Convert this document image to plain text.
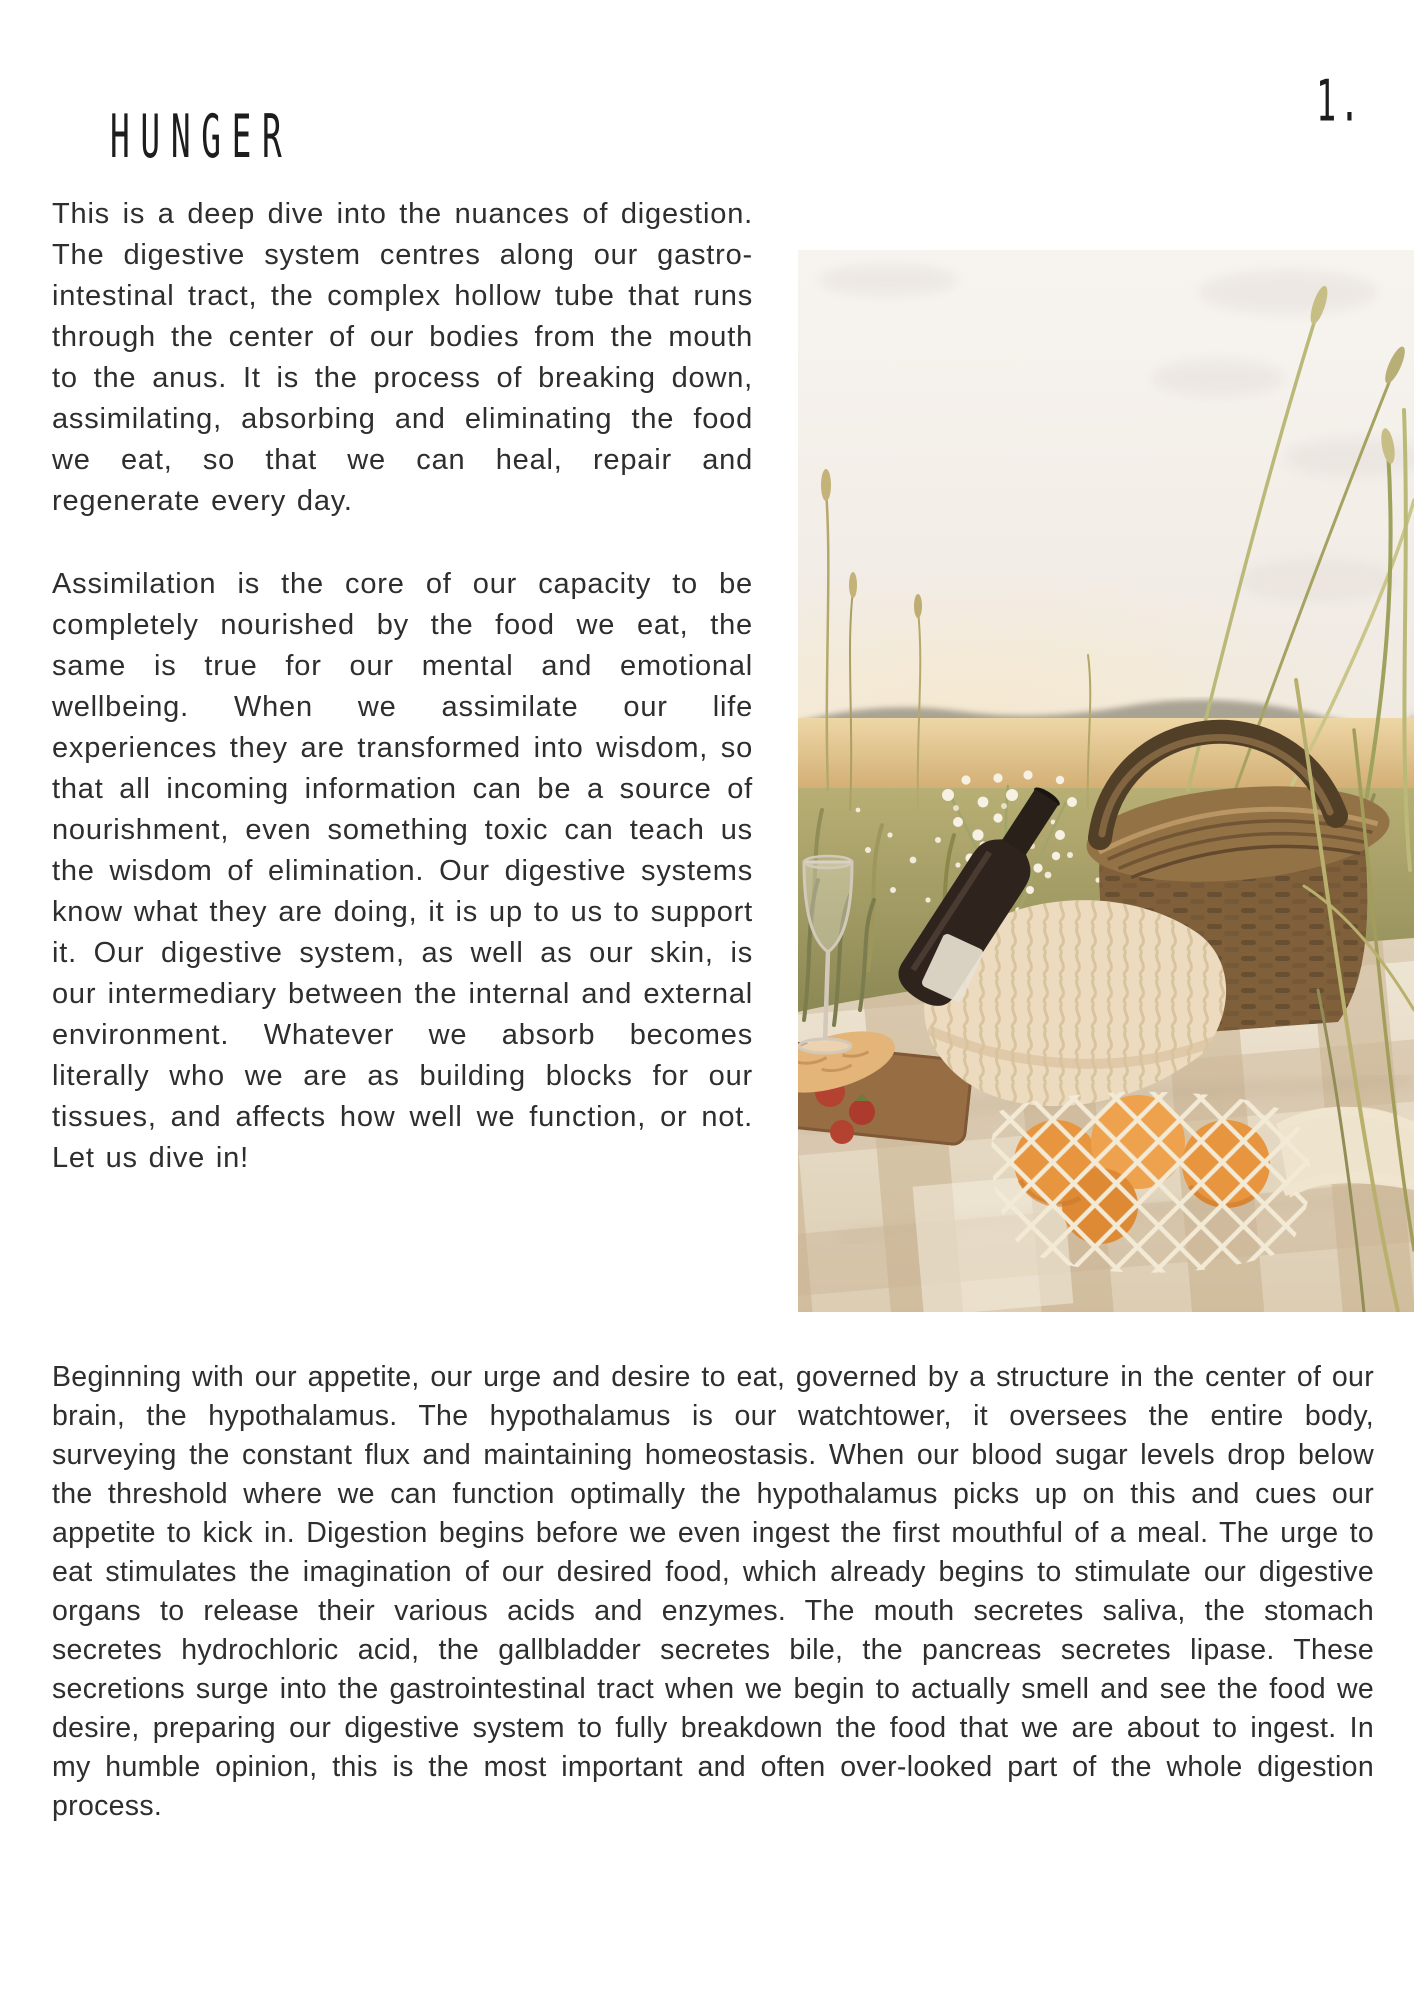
HUNGER
1.

This is a deep dive into the nuances of digestion. The digestive system centres along our gastro-intestinal tract, the complex hollow tube that runs through the center of our bodies from the mouth to the anus. It is the process of breaking down, assimilating, absorbing and eliminating the food we eat, so that we can heal, repair and regenerate every day.

Assimilation is the core of our capacity to be completely nourished by the food we eat, the same is true for our mental and emotional wellbeing. When we assimilate our life experiences they are transformed into wisdom, so that all incoming information can be a source of nourishment, even something toxic can teach us the wisdom of elimination. Our digestive systems know what they are doing, it is up to us to support it. Our digestive system, as well as our skin, is our intermediary between the internal and external environment. Whatever we absorb becomes literally who we are as building blocks for our tissues, and affects how well we function, or not. Let us dive in!

Beginning with our appetite, our urge and desire to eat, governed by a structure in the center of our brain, the hypothalamus. The hypothalamus is our watchtower, it oversees the entire body, surveying the constant flux and maintaining homeostasis. When our blood sugar levels drop below the threshold where we can function optimally the hypothalamus picks up on this and cues our appetite to kick in. Digestion begins before we even ingest the first mouthful of a meal. The urge to eat stimulates the imagination of our desired food, which already begins to stimulate our digestive organs to release their various acids and enzymes. The mouth secretes saliva, the stomach secretes hydrochloric acid, the gallbladder secretes bile, the pancreas secretes lipase. These secretions surge into the gastrointestinal tract when we begin to actually smell and see the food we desire, preparing our digestive system to fully breakdown the food that we are about to ingest. In my humble opinion, this is the most important and often over-looked part of the whole digestion process.
